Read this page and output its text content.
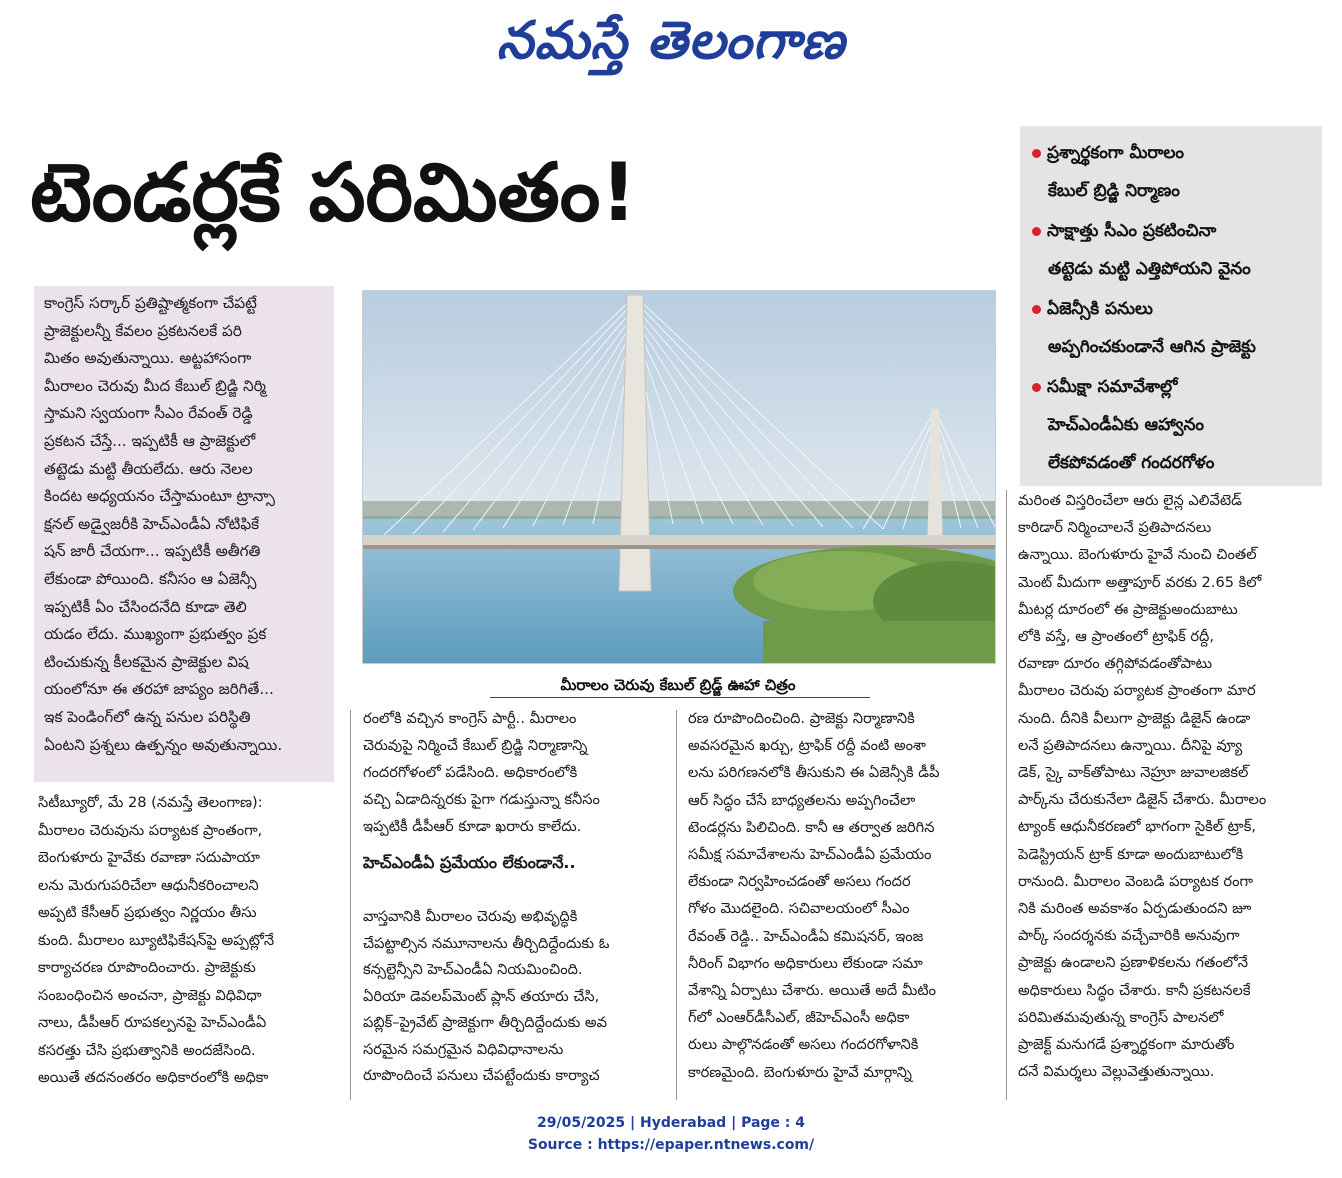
నమస్తే తెలంగాణ
టెండర్లకే పరిమితం!	ప్రశ్నార్థకంగా మీరాలం
కేబుల్ బ్రిడ్జి నిర్మాణం
సాక్షాత్తు సీఎం ప్రకటించినా
తట్టెడు మట్టి ఎత్తిపోయని వైనం
ఏజెన్సీకి పనులు
అప్పగించకుండానే ఆగిన ప్రాజెక్టు
సమీక్షా సమావేశాల్లో
హెచ్ఎండీఏకు ఆహ్వానం
లేకపోవడంతో గందరగోళం
కాంగ్రెస్ సర్కార్ ప్రతిష్టాత్మకంగా చేపట్టే
ప్రాజెక్టులన్నీ కేవలం ప్రకటనలకే పరి
మితం అవుతున్నాయి. అట్టహాసంగా
మీరాలం చెరువు మీద కేబుల్ బ్రిడ్జి నిర్మి
స్తామని స్వయంగా సీఎం రేవంత్ రెడ్డి
ప్రకటన చేస్తే... ఇప్పటికీ ఆ ప్రాజెక్టులో
తట్టెడు మట్టి తీయలేదు. ఆరు నెలల
కిందట అధ్యయనం చేస్తామంటూ ట్రాన్సా
క్షనల్ అడ్వైజరీకి హెచ్ఎండీఏ నోటిఫికే
షన్ జారీ చేయగా... ఇప్పటికీ అతీగతి
లేకుండా పోయింది. కనీసం ఆ ఏజెన్సీ
ఇప్పటికీ ఏం చేసిందనేది కూడా తెలి
యడం లేదు. ముఖ్యంగా ప్రభుత్వం ప్రక
టించుకున్న కీలకమైన ప్రాజెక్టుల విష
యంలోనూ ఈ తరహా జాప్యం జరిగితే...
ఇక పెండింగ్‌లో ఉన్న పనుల పరిస్థితి
ఏంటని ప్రశ్నలు ఉత్పన్నం అవుతున్నాయి.
మీరాలం చెరువు కేబుల్ బ్రిడ్జ్ ఊహా చిత్రం
సిటీబ్యూరో, మే 28 (నమస్తే తెలంగాణ):
మీరాలం చెరువును పర్యాటక ప్రాంతంగా,
బెంగుళూరు హైవేకు రవాణా సదుపాయా
లను మెరుగుపరిచేలా ఆధునీకరించాలని
అప్పటి కేసీఆర్ ప్రభుత్వం నిర్ణయం తీసు
కుంది. మీరాలం బ్యూటిఫికేషన్‌పై అప్పట్లోనే
కార్యాచరణ రూపొందించారు. ప్రాజెక్టుకు
సంబంధించిన అంచనా, ప్రాజెక్టు విధివిధా
నాలు, డీపీఆర్ రూపకల్పనపై హెచ్ఎండీఏ
కసరత్తు చేసి ప్రభుత్వానికి అందజేసింది.
అయితే తదనంతరం అధికారంలోకి అధికా
రంలోకి వచ్చిన కాంగ్రెస్ పార్టీ.. మీరాలం
చెరువుపై నిర్మించే కేబుల్ బ్రిడ్జి నిర్మాణాన్ని
గందరగోళంలో పడేసింది. అధికారంలోకి
వచ్చి ఏడాదిన్నరకు పైగా గడుస్తున్నా కనీసం
ఇప్పటికీ డీపీఆర్ కూడా ఖరారు కాలేదు.
హెచ్ఎండీఏ ప్రమేయం లేకుండానే..
వాస్తవానికి మీరాలం చెరువు అభివృద్ధికి
చేపట్టాల్సిన నమూనాలను తీర్చిదిద్దేందుకు ఓ
కన్సల్టెన్సీని హెచ్ఎండీఏ నియమించింది.
ఏరియా డెవలప్‌మెంట్ ప్లాన్ తయారు చేసి,
పబ్లిక్–ప్రైవేట్ ప్రాజెక్టుగా తీర్చిదిద్దేందుకు అవ
సరమైన సమగ్రమైన విధివిధానాలను
రూపొందించే పనులు చేపట్టేందుకు కార్యాచ
రణ రూపొందించింది. ప్రాజెక్టు నిర్మాణానికి
అవసరమైన ఖర్చు, ట్రాఫిక్ రద్దీ వంటి అంశా
లను పరిగణనలోకి తీసుకుని ఈ ఏజెన్సీకి డీపీ
ఆర్ సిద్ధం చేసే బాధ్యతలను అప్పగించేలా
టెండర్లను పిలిచింది. కానీ ఆ తర్వాత జరిగిన
సమీక్ష సమావేశాలను హెచ్ఎండీఏ ప్రమేయం
లేకుండా నిర్వహించడంతో అసలు గందర
గోళం మొదలైంది. సచివాలయంలో సీఎం
రేవంత్ రెడ్డి.. హెచ్ఎండీఏ కమిషనర్, ఇంజ
నీరింగ్ విభాగం అధికారులు లేకుండా సమా
వేశాన్ని ఏర్పాటు చేశారు. అయితే అదే మీటిం
గ్‌లో ఎంఆర్‌డీసీఎల్, జీహెచ్ఎంసీ అధికా
రులు పాల్గొనడంతో అసలు గందరగోళానికి
కారణమైంది. బెంగుళూరు హైవే మార్గాన్ని
మరింత విస్తరించేలా ఆరు లైన్ల ఎలివేటెడ్
కారిడార్ నిర్మించాలనే ప్రతిపాదనలు
ఉన్నాయి. బెంగుళూరు హైవే నుంచి చింతల్
మెంట్ మీదుగా అత్తాపూర్ వరకు 2.65 కిలో
మీటర్ల దూరంలో ఈ ప్రాజెక్టుఅందుబాటు
లోకి వస్తే, ఆ ప్రాంతంలో ట్రాఫిక్ రద్దీ,
రవాణా దూరం తగ్గిపోవడంతోపాటు
మీరాలం చెరువు పర్యాటక ప్రాంతంగా మార
నుంది. దీనికి వీలుగా ప్రాజెక్టు డిజైన్ ఉండా
లనే ప్రతిపాదనలు ఉన్నాయి. దీనిపై వ్యూ
డెక్, స్కై వాక్‌తోపాటు నెహ్రూ జువాలజికల్
పార్క్‌ను చేరుకునేలా డిజైన్ చేశారు. మీరాలం
ట్యాంక్ ఆధునీకరణలో భాగంగా సైకిల్ ట్రాక్,
పెడెస్ట్రియన్ ట్రాక్ కూడా అందుబాటులోకి
రానుంది. మీరాలం వెంబడి పర్యాటక రంగా
నికి మరింత అవకాశం ఏర్పడుతుందని జూ
పార్క్ సందర్శనకు వచ్చేవారికి అనువుగా
ప్రాజెక్టు ఉండాలని ప్రణాళికలను గతంలోనే
అధికారులు సిద్ధం చేశారు. కానీ ప్రకటనలకే
పరిమితమవుతున్న కాంగ్రెస్ పాలనలో
ప్రాజెక్ట్ మనుగడే ప్రశ్నార్థకంగా మారుతోం
దనే విమర్శలు వెల్లువెత్తుతున్నాయి.
29/05/2025 | Hyderabad | Page : 4
Source : https://epaper.ntnews.com/
